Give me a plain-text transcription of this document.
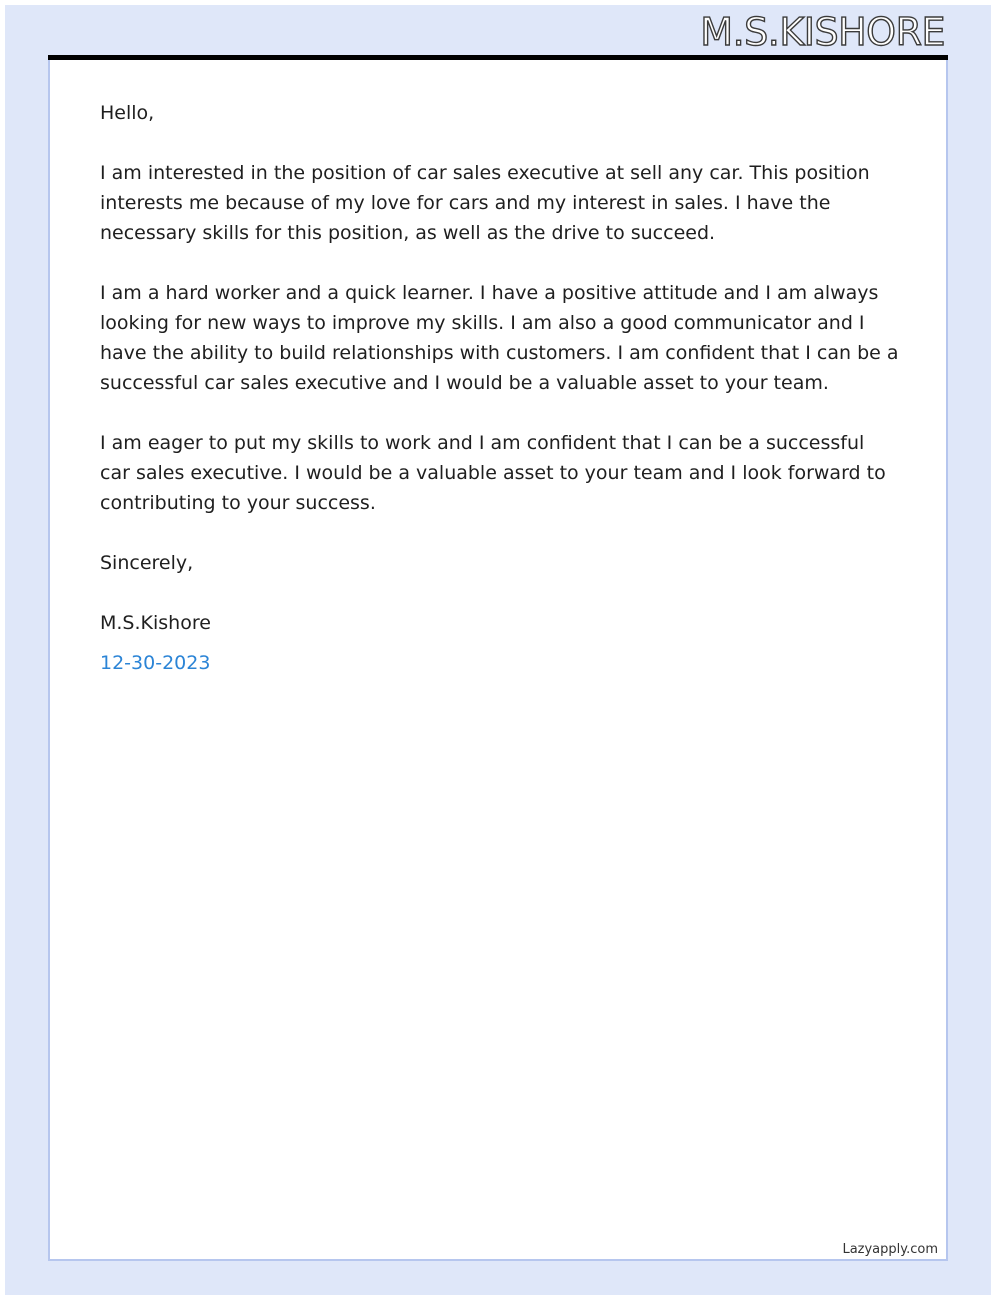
M.S.KISHORE

Hello,

I am interested in the position of car sales executive at sell any car. This position interests me because of my love for cars and my interest in sales. I have the necessary skills for this position, as well as the drive to succeed.

I am a hard worker and a quick learner. I have a positive attitude and I am always looking for new ways to improve my skills. I am also a good communicator and I have the ability to build relationships with customers. I am confident that I can be a successful car sales executive and I would be a valuable asset to your team.

I am eager to put my skills to work and I am confident that I can be a successful car sales executive. I would be a valuable asset to your team and I look forward to contributing to your success.

Sincerely,

M.S.Kishore

12-30-2023

Lazyapply.com
